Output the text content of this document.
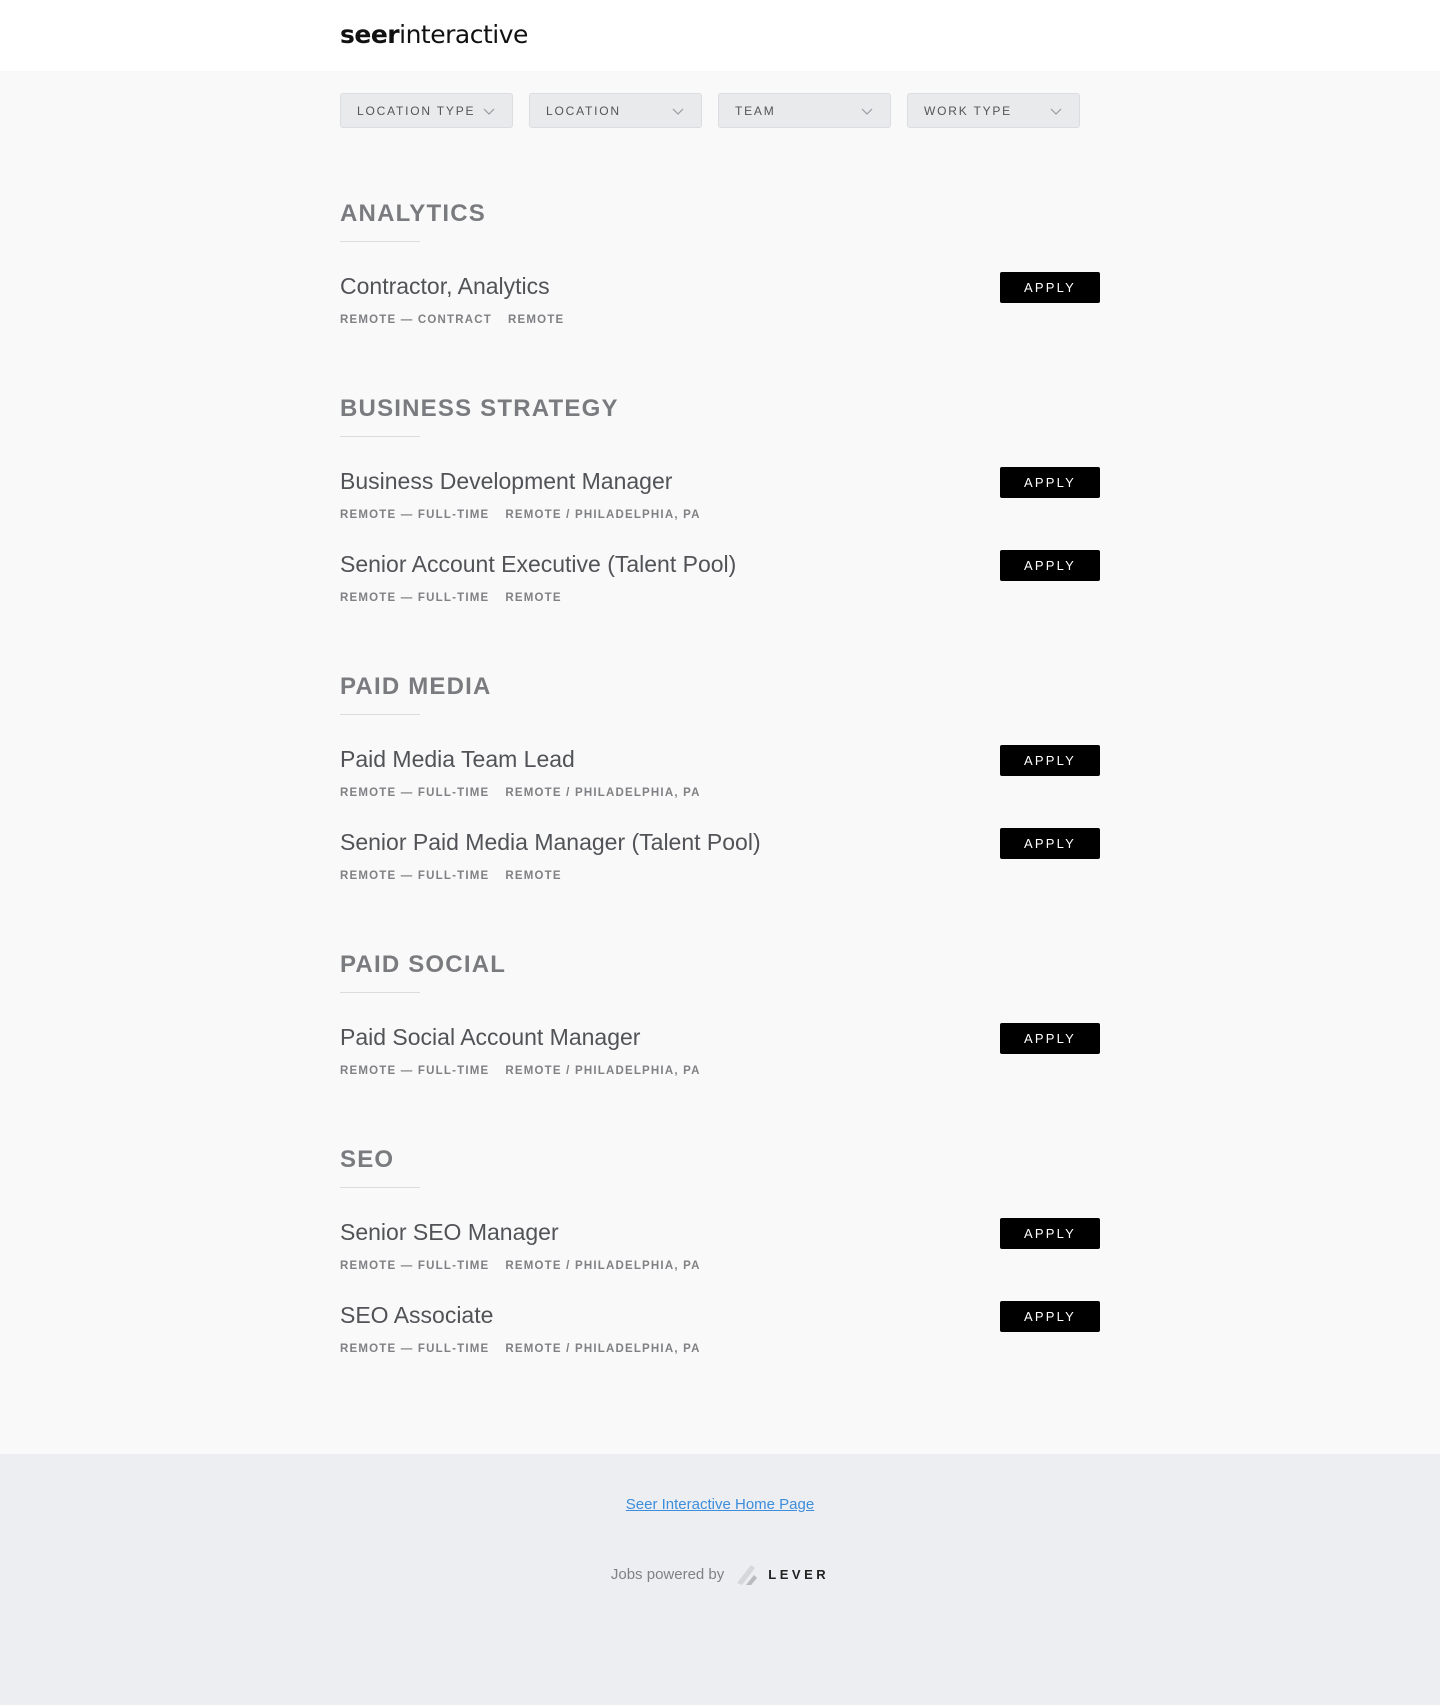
seerinteractive
LOCATION TYPE	LOCATION	TEAM	WORK TYPE
ANALYTICS
Contractor, Analytics
REMOTE — CONTRACT REMOTE
APPLY
BUSINESS STRATEGY
Business Development Manager
REMOTE — FULL-TIME REMOTE / PHILADELPHIA, PA
APPLY
Senior Account Executive (Talent Pool)
REMOTE — FULL-TIME REMOTE
APPLY
PAID MEDIA
Paid Media Team Lead
REMOTE — FULL-TIME REMOTE / PHILADELPHIA, PA
APPLY
Senior Paid Media Manager (Talent Pool)
REMOTE — FULL-TIME REMOTE
APPLY
PAID SOCIAL
Paid Social Account Manager
REMOTE — FULL-TIME REMOTE / PHILADELPHIA, PA
APPLY
SEO
Senior SEO Manager
REMOTE — FULL-TIME REMOTE / PHILADELPHIA, PA
APPLY
SEO Associate
REMOTE — FULL-TIME REMOTE / PHILADELPHIA, PA
APPLY
Seer Interactive Home Page
Jobs powered by	LEVER
